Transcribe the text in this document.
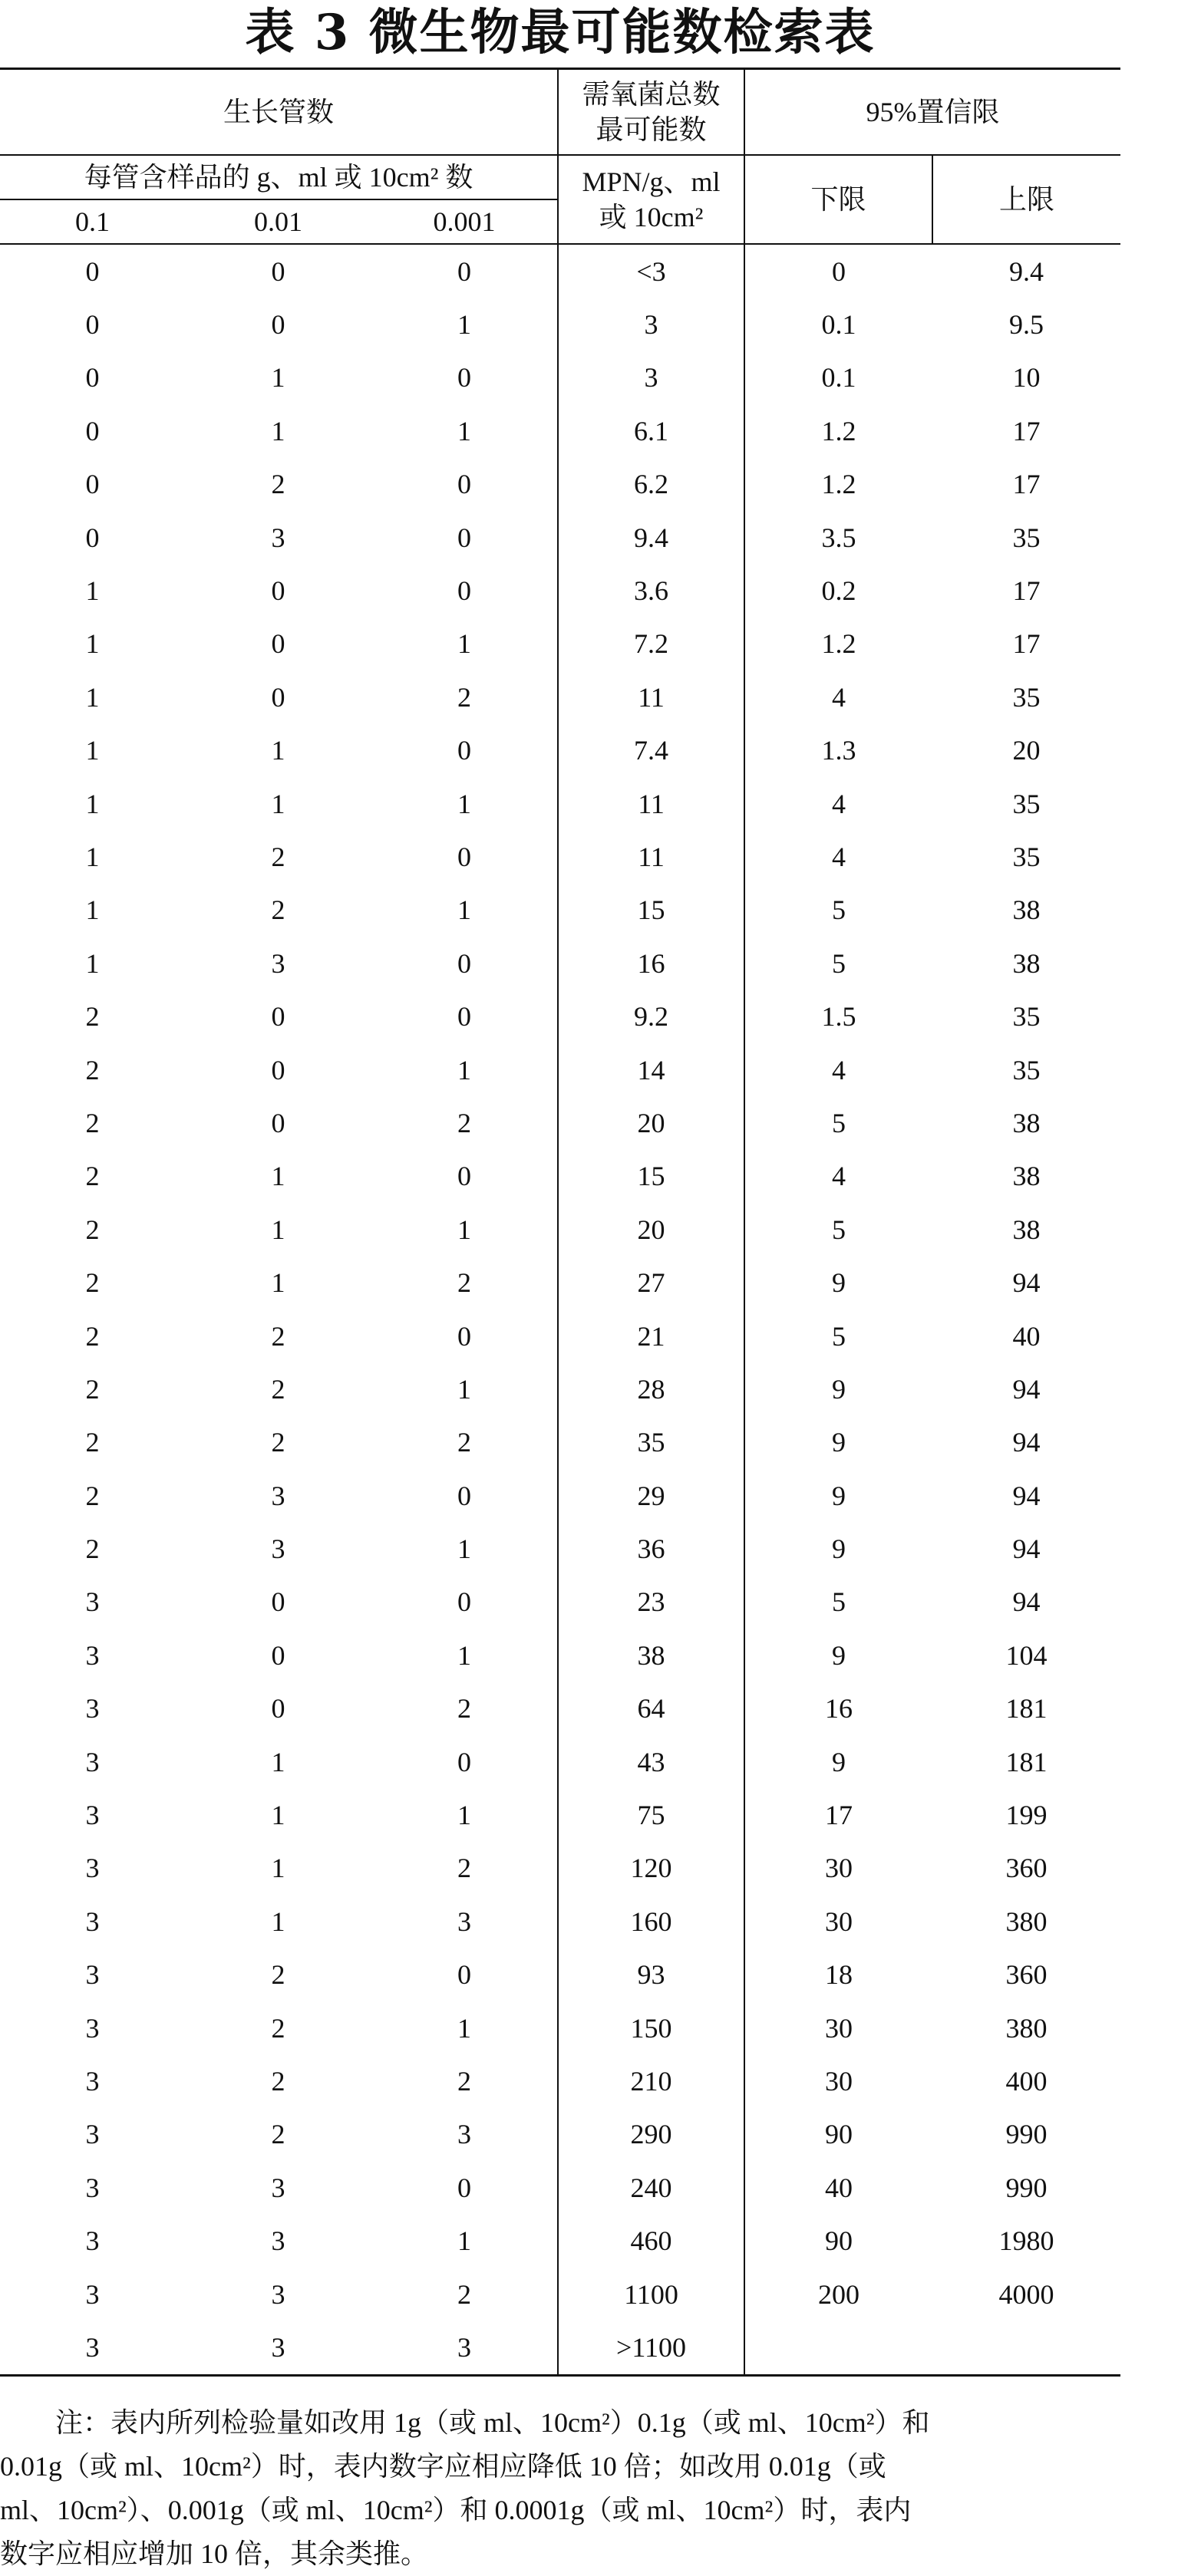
表 3 微生物最可能数检索表
生长管数			需氧菌总数
最可能数	95%置信限	
每管含样品的 g、ml 或 10cm² 数			MPN/g、ml
或 10cm²	下限	上限
0.1	0.01	0.001			
0	0	0	<3	0	9.4
0	0	1	3	0.1	9.5
0	1	0	3	0.1	10
0	1	1	6.1	1.2	17
0	2	0	6.2	1.2	17
0	3	0	9.4	3.5	35
1	0	0	3.6	0.2	17
1	0	1	7.2	1.2	17
1	0	2	11	4	35
1	1	0	7.4	1.3	20
1	1	1	11	4	35
1	2	0	11	4	35
1	2	1	15	5	38
1	3	0	16	5	38
2	0	0	9.2	1.5	35
2	0	1	14	4	35
2	0	2	20	5	38
2	1	0	15	4	38
2	1	1	20	5	38
2	1	2	27	9	94
2	2	0	21	5	40
2	2	1	28	9	94
2	2	2	35	9	94
2	3	0	29	9	94
2	3	1	36	9	94
3	0	0	23	5	94
3	0	1	38	9	104
3	0	2	64	16	181
3	1	0	43	9	181
3	1	1	75	17	199
3	1	2	120	30	360
3	1	3	160	30	380
3	2	0	93	18	360
3	2	1	150	30	380
3	2	2	210	30	400
3	2	3	290	90	990
3	3	0	240	40	990
3	3	1	460	90	1980
3	3	2	1100	200	4000
3	3	3	>1100		
注：表内所列检验量如改用 1g（或 ml、10cm²）0.1g（或 ml、10cm²）和
0.01g（或 ml、10cm²）时，表内数字应相应降低 10 倍；如改用 0.01g（或
ml、10cm²）、0.001g（或 ml、10cm²）和 0.0001g（或 ml、10cm²）时，表内
数字应相应增加 10 倍，其余类推。
